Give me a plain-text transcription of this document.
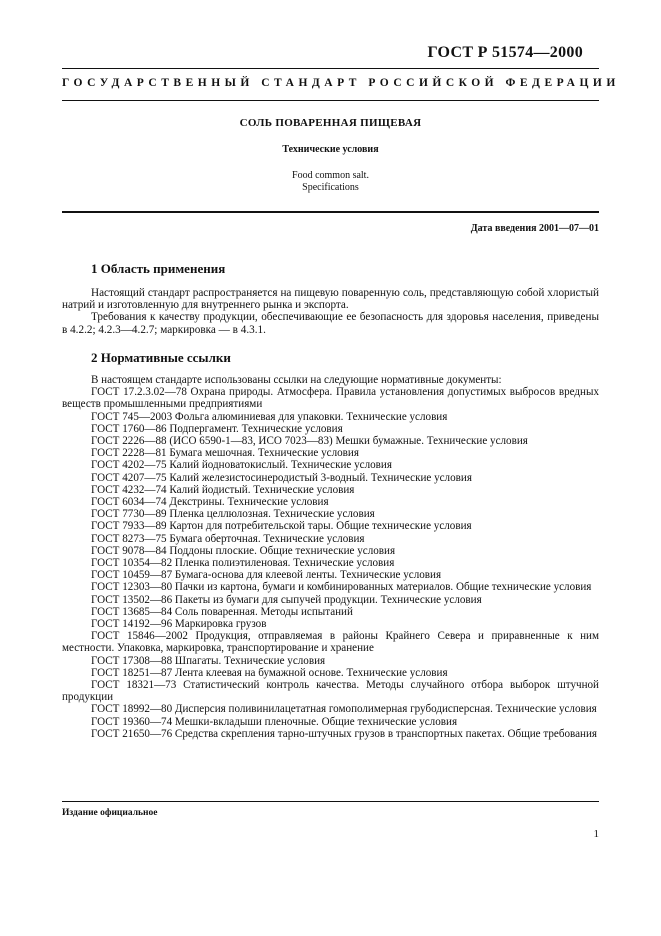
ГОСТ Р 51574—2000
ГОСУДАРСТВЕННЫЙ СТАНДАРТ РОССИЙСКОЙ ФЕДЕРАЦИИ
СОЛЬ ПОВАРЕННАЯ ПИЩЕВАЯ
Технические условия
Food common salt.
Specifications
Дата введения 2001—07—01
1 Область применения

Настоящий стандарт распространяется на пищевую поваренную соль, представляющую собой хлористый натрий и изготовленную для внутреннего рынка и экспорта.

Требования к качеству продукции, обеспечивающие ее безопасность для здоровья населения, приведены в 4.2.2; 4.2.3—4.2.7; маркировка — в 4.3.1.

2 Нормативные ссылки

В настоящем стандарте использованы ссылки на следующие нормативные документы:

ГОСТ 17.2.3.02—78 Охрана природы. Атмосфера. Правила установления допустимых выбросов вредных веществ промышленными предприятиями

ГОСТ 745—2003 Фольга алюминиевая для упаковки. Технические условия

ГОСТ 1760—86 Подпергамент. Технические условия

ГОСТ 2226—88 (ИСО 6590-1—83, ИСО 7023—83) Мешки бумажные. Технические условия

ГОСТ 2228—81 Бумага мешочная. Технические условия

ГОСТ 4202—75 Калий йодноватокислый. Технические условия

ГОСТ 4207—75 Калий железистосинеродистый 3-водный. Технические условия

ГОСТ 4232—74 Калий йодистый. Технические условия

ГОСТ 6034—74 Декстрины. Технические условия

ГОСТ 7730—89 Пленка целлюлозная. Технические условия

ГОСТ 7933—89 Картон для потребительской тары. Общие технические условия

ГОСТ 8273—75 Бумага оберточная. Технические условия

ГОСТ 9078—84 Поддоны плоские. Общие технические условия

ГОСТ 10354—82 Пленка полиэтиленовая. Технические условия

ГОСТ 10459—87 Бумага-основа для клеевой ленты. Технические условия

ГОСТ 12303—80 Пачки из картона, бумаги и комбинированных материалов. Общие технические условия

ГОСТ 13502—86 Пакеты из бумаги для сыпучей продукции. Технические условия

ГОСТ 13685—84 Соль поваренная. Методы испытаний

ГОСТ 14192—96 Маркировка грузов

ГОСТ 15846—2002 Продукция, отправляемая в районы Крайнего Севера и приравненные к ним местности. Упаковка, маркировка, транспортирование и хранение

ГОСТ 17308—88 Шпагаты. Технические условия

ГОСТ 18251—87 Лента клеевая на бумажной основе. Технические условия

ГОСТ 18321—73 Статистический контроль качества. Методы случайного отбора выборок штучной продукции

ГОСТ 18992—80 Дисперсия поливинилацетатная гомополимерная грубодисперсная. Технические условия

ГОСТ 19360—74 Мешки-вкладыши пленочные. Общие технические условия

ГОСТ 21650—76 Средства скрепления тарно-штучных грузов в транспортных пакетах. Общие требования

Издание официальное
1
